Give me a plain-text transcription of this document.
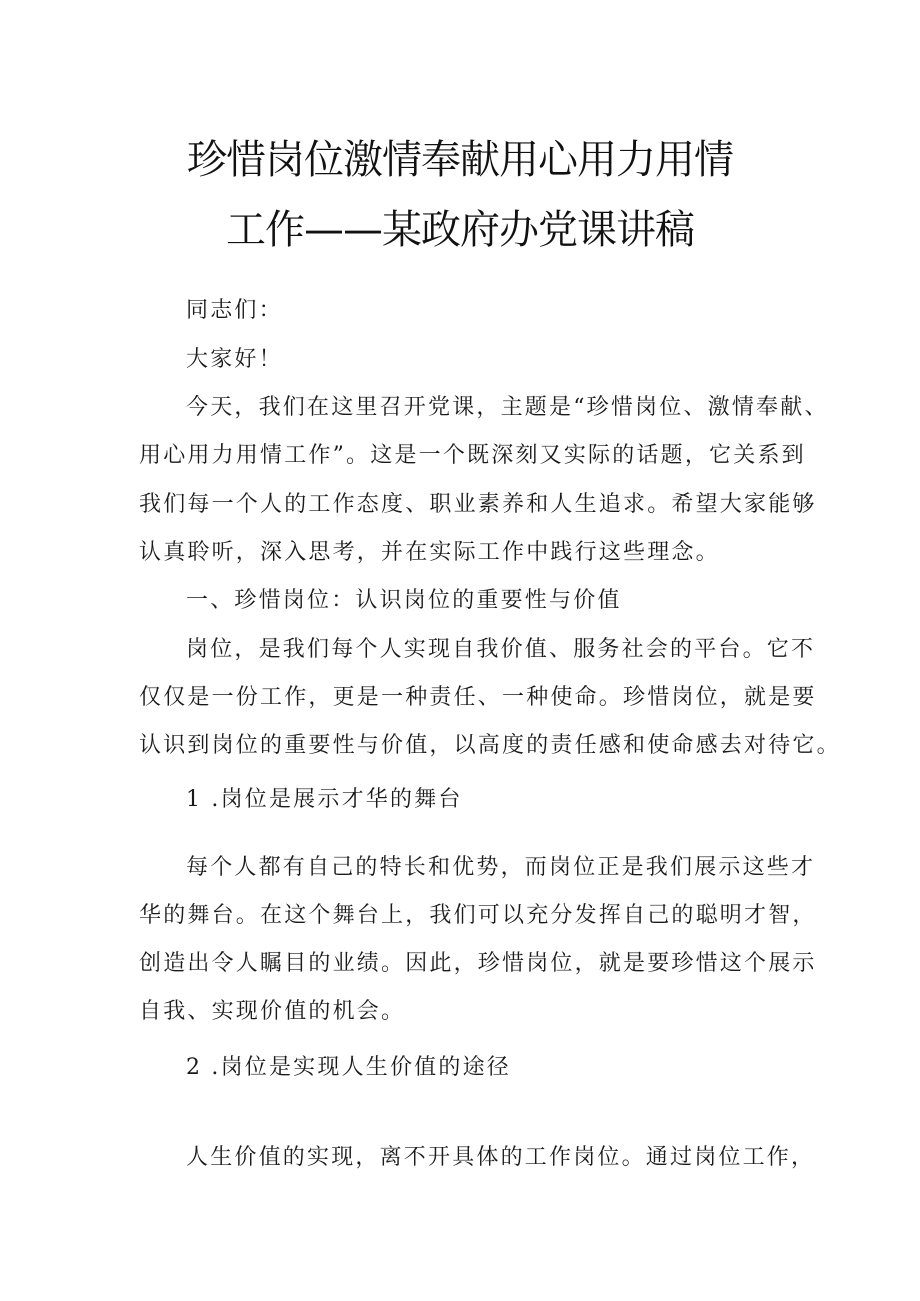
珍惜岗位激情奉献用心用力用情
工作——某政府办党课讲稿
同志们：
大家好！
今天，我们在这里召开党课，主题是“珍惜岗位、激情奉献、
用心用力用情工作”。这是一个既深刻又实际的话题，它关系到
我们每一个人的工作态度、职业素养和人生追求。希望大家能够
认真聆听，深入思考，并在实际工作中践行这些理念。
一、珍惜岗位：认识岗位的重要性与价值
岗位，是我们每个人实现自我价值、服务社会的平台。它不
仅仅是一份工作，更是一种责任、一种使命。珍惜岗位，就是要
认识到岗位的重要性与价值，以高度的责任感和使命感去对待它。
1 .岗位是展示才华的舞台
每个人都有自己的特长和优势，而岗位正是我们展示这些才
华的舞台。在这个舞台上，我们可以充分发挥自己的聪明才智，
创造出令人瞩目的业绩。因此，珍惜岗位，就是要珍惜这个展示
自我、实现价值的机会。
2 .岗位是实现人生价值的途径
人生价值的实现，离不开具体的工作岗位。通过岗位工作，
